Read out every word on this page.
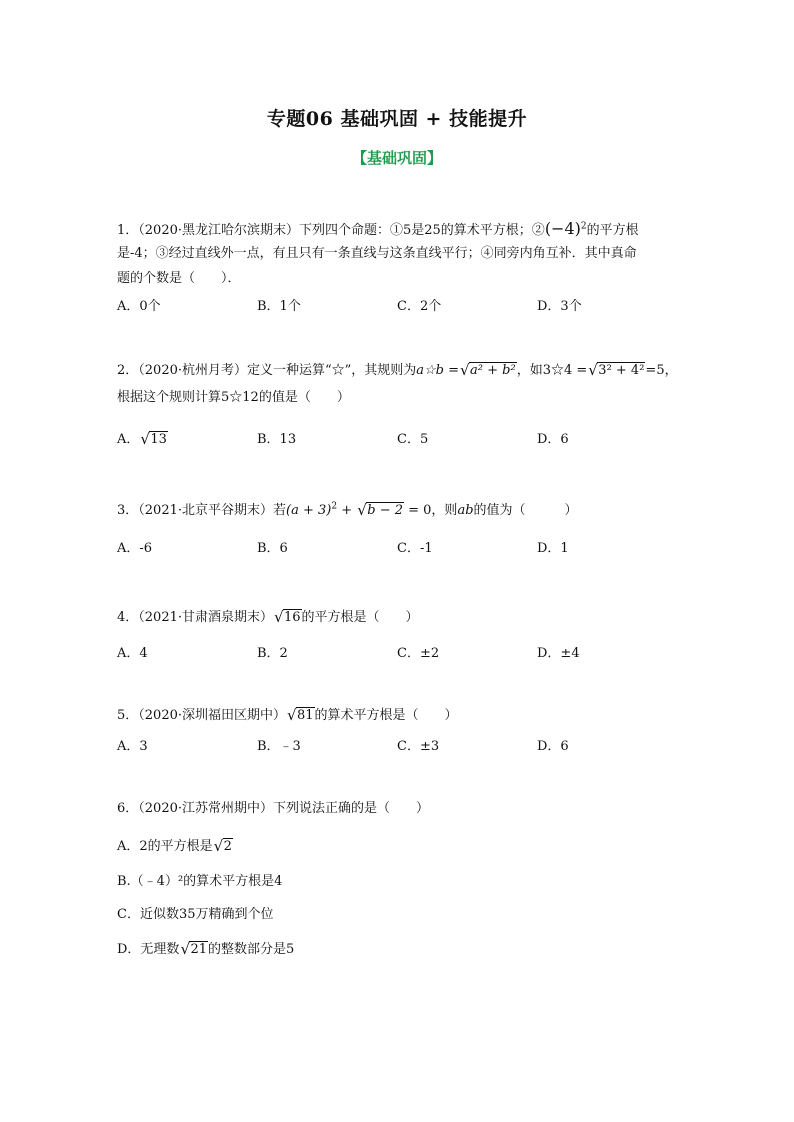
专题06 基础巩固 + 技能提升
【基础巩固】
1．（2020·黑龙江哈尔滨期末）下列四个命题：①5是25的算术平方根；$②(-4)^2$的平方根
是-4；③经过直线外一点，有且只有一条直线与这条直线平行；④同旁内角互补．其中真命
题的个数是（　　）．
A．0个	B．1个	C．2个	D．3个
2．（2020·杭州月考）定义一种运算“☆”，其规则为a☆b = √ a² + b²，如3☆4 = √ 3² + 4²=5，
根据这个规则计算5☆12的值是（　　）
A． √ 13	B．13	C．5	D．6
3．（2021·北京平谷期末）若$(a + 3)^2$ + √ b − 2 = 0，则ab的值为（　　　）
A．-6	B．6	C．-1	D．1
4．（2021·甘肃酒泉期末） √ 16的平方根是（　　）
A．4	B．2	C．±2	D．±4
5．（2020·深圳福田区期中） √ 81的算术平方根是（　　）
A．3	B．﹣3	C．±3	D．6
6．（2020·江苏常州期中）下列说法正确的是（　　）
A．2的平方根是 √ 2
B.（﹣4）²的算术平方根是4
C．近似数35万精确到个位
D．无理数 √ 21的整数部分是5
